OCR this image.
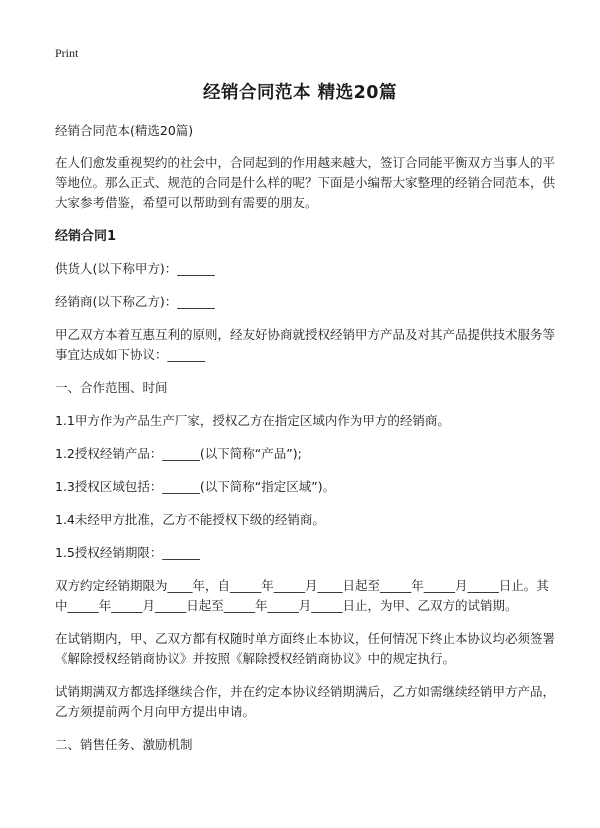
Print
经销合同范本 精选20篇

经销合同范本(精选20篇)

在人们愈发重视契约的社会中，合同起到的作用越来越大，签订合同能平衡双方当事人的平等地位。那么正式、规范的合同是什么样的呢？下面是小编帮大家整理的经销合同范本，供大家参考借鉴，希望可以帮助到有需要的朋友。

经销合同1

供货人(以下称甲方)：______

经销商(以下称乙方)：______

甲乙双方本着互惠互利的原则，经友好协商就授权经销甲方产品及对其产品提供技术服务等事宜达成如下协议：______

一、合作范围、时间

1.1甲方作为产品生产厂家，授权乙方在指定区域内作为甲方的经销商。

1.2授权经销产品：______(以下简称“产品”);

1.3授权区域包括：______(以下简称“指定区域”)。

1.4未经甲方批准，乙方不能授权下级的经销商。

1.5授权经销期限：______

双方约定经销期限为____年，自_____年_____月____日起至_____年_____月_____日止。其中_____年_____月_____日起至_____年_____月_____日止，为甲、乙双方的试销期。

在试销期内，甲、乙双方都有权随时单方面终止本协议，任何情况下终止本协议均必须签署《解除授权经销商协议》并按照《解除授权经销商协议》中的规定执行。

试销期满双方都选择继续合作，并在约定本协议经销期满后，乙方如需继续经销甲方产品，乙方须提前两个月向甲方提出申请。

二、销售任务、激励机制
